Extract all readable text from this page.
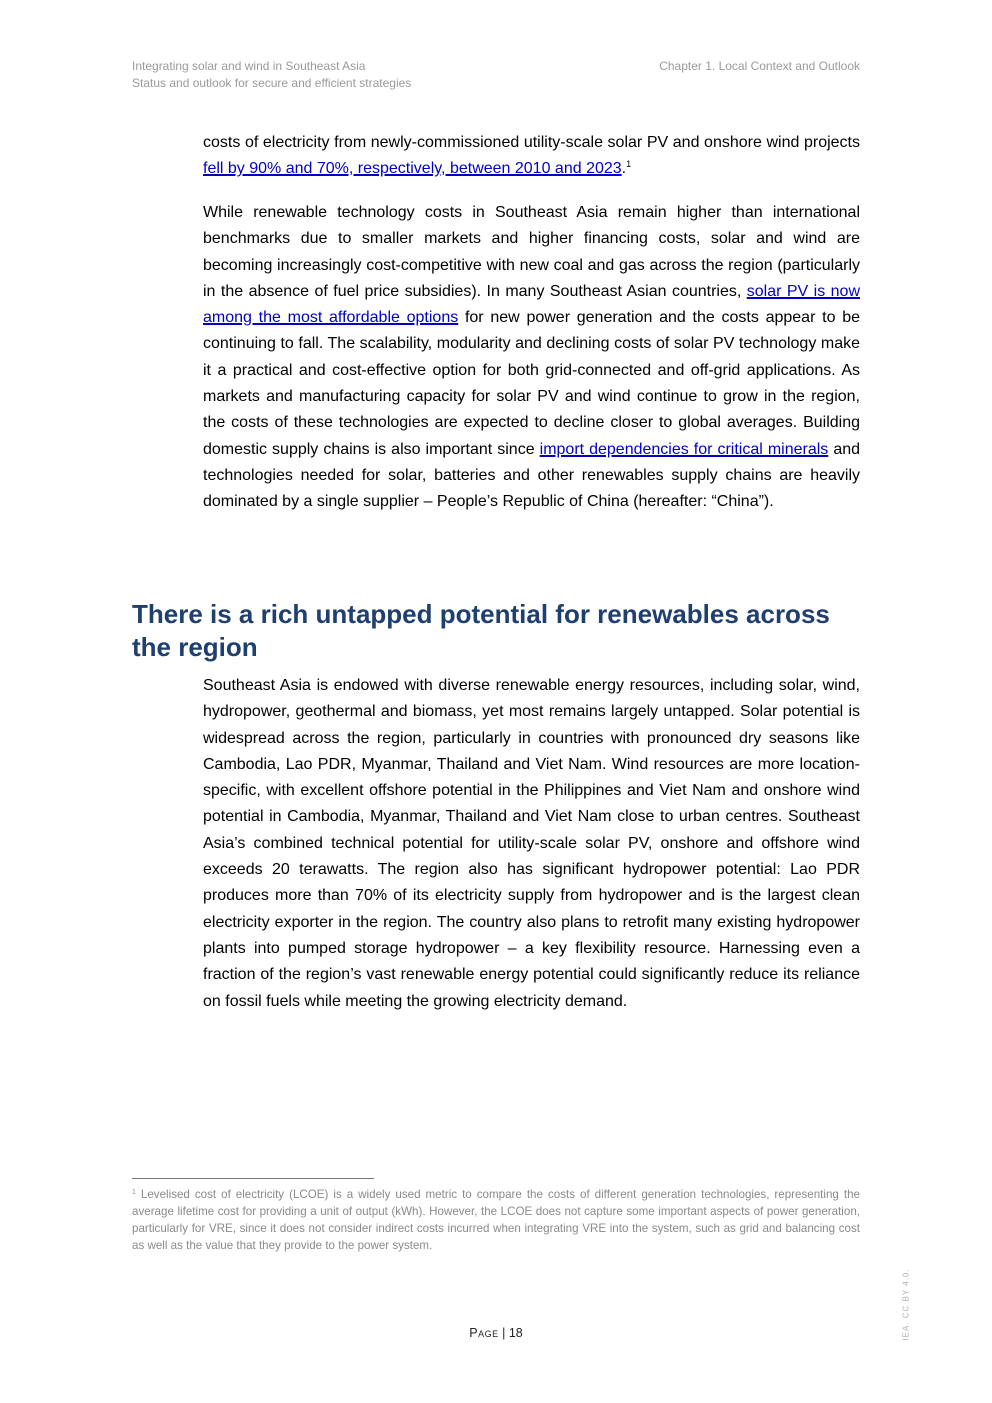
Integrating solar and wind in Southeast Asia
Status and outlook for secure and efficient strategies
Chapter 1. Local Context and Outlook

costs of electricity from newly-commissioned utility-scale solar PV and onshore wind projects fell by 90% and 70%, respectively, between 2010 and 2023.$^1$

While renewable technology costs in Southeast Asia remain higher than international benchmarks due to smaller markets and higher financing costs, solar and wind are becoming increasingly cost-competitive with new coal and gas across the region (particularly in the absence of fuel price subsidies). In many Southeast Asian countries, solar PV is now among the most affordable options for new power generation and the costs appear to be continuing to fall. The scalability, modularity and declining costs of solar PV technology make it a practical and cost-effective option for both grid-connected and off-grid applications. As markets and manufacturing capacity for solar PV and wind continue to grow in the region, the costs of these technologies are expected to decline closer to global averages. Building domestic supply chains is also important since import dependencies for critical minerals and technologies needed for solar, batteries and other renewables supply chains are heavily dominated by a single supplier – People’s Republic of China (hereafter: “China”).

There is a rich untapped potential for renewables across the region

Southeast Asia is endowed with diverse renewable energy resources, including solar, wind, hydropower, geothermal and biomass, yet most remains largely untapped. Solar potential is widespread across the region, particularly in countries with pronounced dry seasons like Cambodia, Lao PDR, Myanmar, Thailand and Viet Nam. Wind resources are more location-specific, with excellent offshore potential in the Philippines and Viet Nam and onshore wind potential in Cambodia, Myanmar, Thailand and Viet Nam close to urban centres. Southeast Asia’s combined technical potential for utility-scale solar PV, onshore and offshore wind exceeds 20 terawatts. The region also has significant hydropower potential: Lao PDR produces more than 70% of its electricity supply from hydropower and is the largest clean electricity exporter in the region. The country also plans to retrofit many existing hydropower plants into pumped storage hydropower – a key flexibility resource. Harnessing even a fraction of the region’s vast renewable energy potential could significantly reduce its reliance on fossil fuels while meeting the growing electricity demand.

$^1$ Levelised cost of electricity (LCOE) is a widely used metric to compare the costs of different generation technologies, representing the average lifetime cost for providing a unit of output (kWh). However, the LCOE does not capture some important aspects of power generation, particularly for VRE, since it does not consider indirect costs incurred when integrating VRE into the system, such as grid and balancing cost as well as the value that they provide to the power system.

Page | 18	IEA. CC BY 4.0.
